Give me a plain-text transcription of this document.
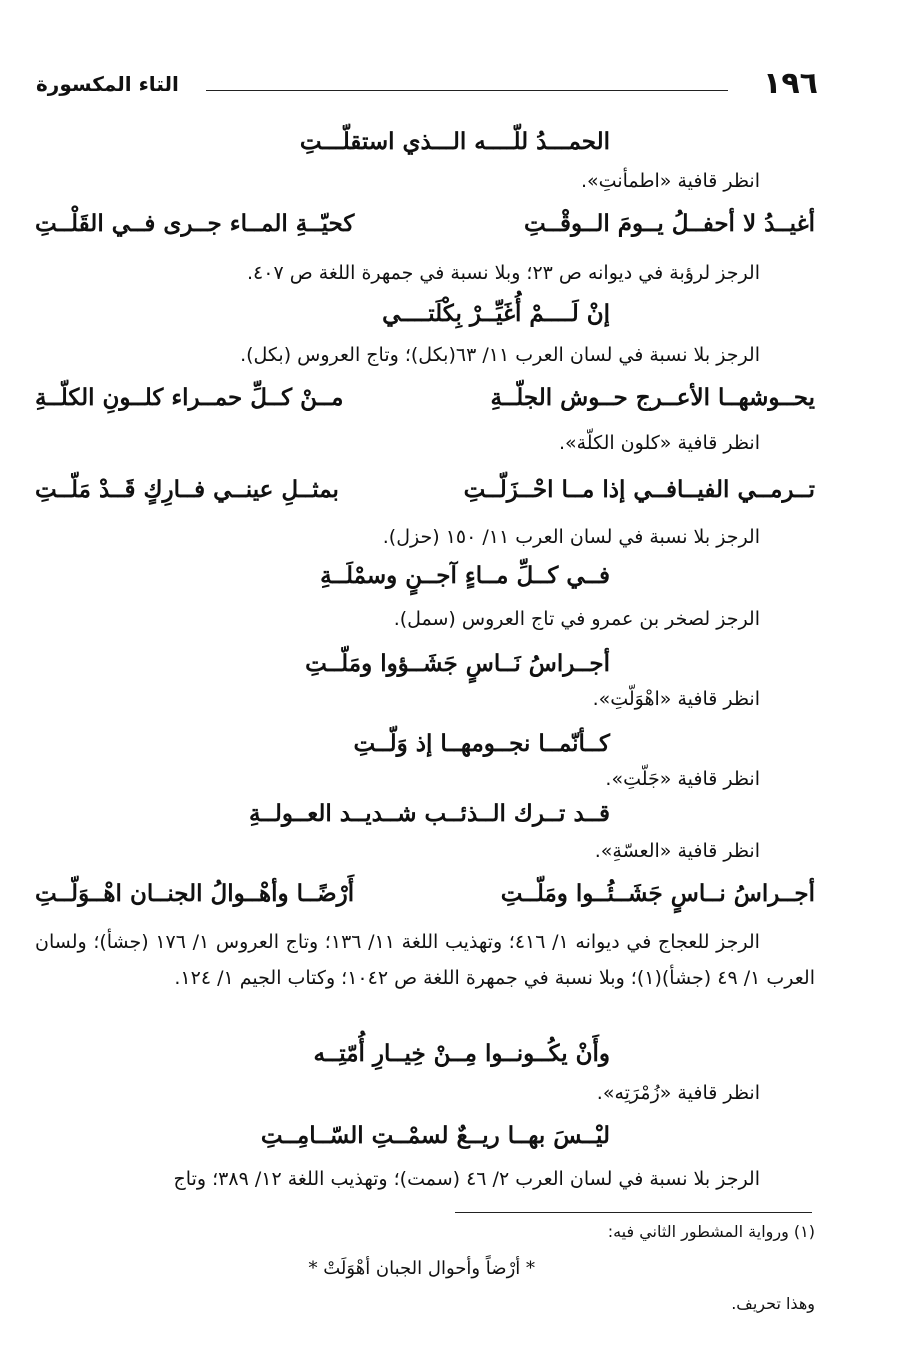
١٩٦
التاء المكسورة
الحمـــدُ للّــــه الـــذي استقلّـــتِ
انظر قافية «اطمأنتِ».
أغيــدُ لا أحفــلُ يــومَ الــوقْــتِ
كحيّــةِ المــاء جــرى فــي القَلْــتِ
الرجز لرؤبة في ديوانه ص ٢٣؛ وبلا نسبة في جمهرة اللغة ص ٤٠٧.
إنْ لَــــمْ أُغَيِّــرْ بِكْلَتــــي
الرجز بلا نسبة في لسان العرب ١١/ ٦٣(بكل)؛ وتاج العروس (بكل).
يحــوشهــا الأعــرج حــوش الجلّــةِ
مــنْ كــلِّ حمــراء كلــونِ الكلّــةِ
انظر قافية «كلون الكلّة».
تــرمــي الفيــافــي إذا مــا احْــزَلّــتِ
بمثــلِ عينــي فــارِكٍ قَــدْ مَلّــتِ
الرجز بلا نسبة في لسان العرب ١١/ ١٥٠ (حزل).
فــي كــلِّ مــاءٍ آجــنٍ وسمْلَــةِ
الرجز لصخر بن عمرو في تاج العروس (سمل).
أجــراسُ نَــاسٍ جَشَــؤوا ومَلّــتِ
انظر قافية «اهْوَلّتِ».
كــأنّمــا نجــومهــا إذ وَلّــتِ
انظر قافية «جَلّتِ».
قــد تــرك الــذئــب شــديــد العــولــةِ
انظر قافية «العسّةِ».
أجــراسُ نــاسٍ جَشَــئُــوا ومَلّــتِ
أَرْضًــا وأهْــوالُ الجنــان اهْــوَلّــتِ
الرجز للعجاج في ديوانه ١/ ٤١٦؛ وتهذيب اللغة ١١/ ١٣٦؛ وتاج العروس ١/ ١٧٦ (جشأ)؛ ولسان العرب ١/ ٤٩ (جشأ)(١)؛ وبلا نسبة في جمهرة اللغة ص ١٠٤٢؛ وكتاب الجيم ١/ ١٢٤.
وأَنْ يكُــونــوا مِــنْ خِيــارِ أُمّتِــه
انظر قافية «زُمْرَتِه».
ليْــسَ بهــا ريــعٌ لسمْــتِ السّــامِــتِ
الرجز بلا نسبة في لسان العرب ٢/ ٤٦ (سمت)؛ وتهذيب اللغة ١٢/ ٣٨٩؛ وتاج
(١) ورواية المشطور الثاني فيه:
* أرْضاً وأحوال الجبان أهْوَلَتْ *
وهذا تحريف.
